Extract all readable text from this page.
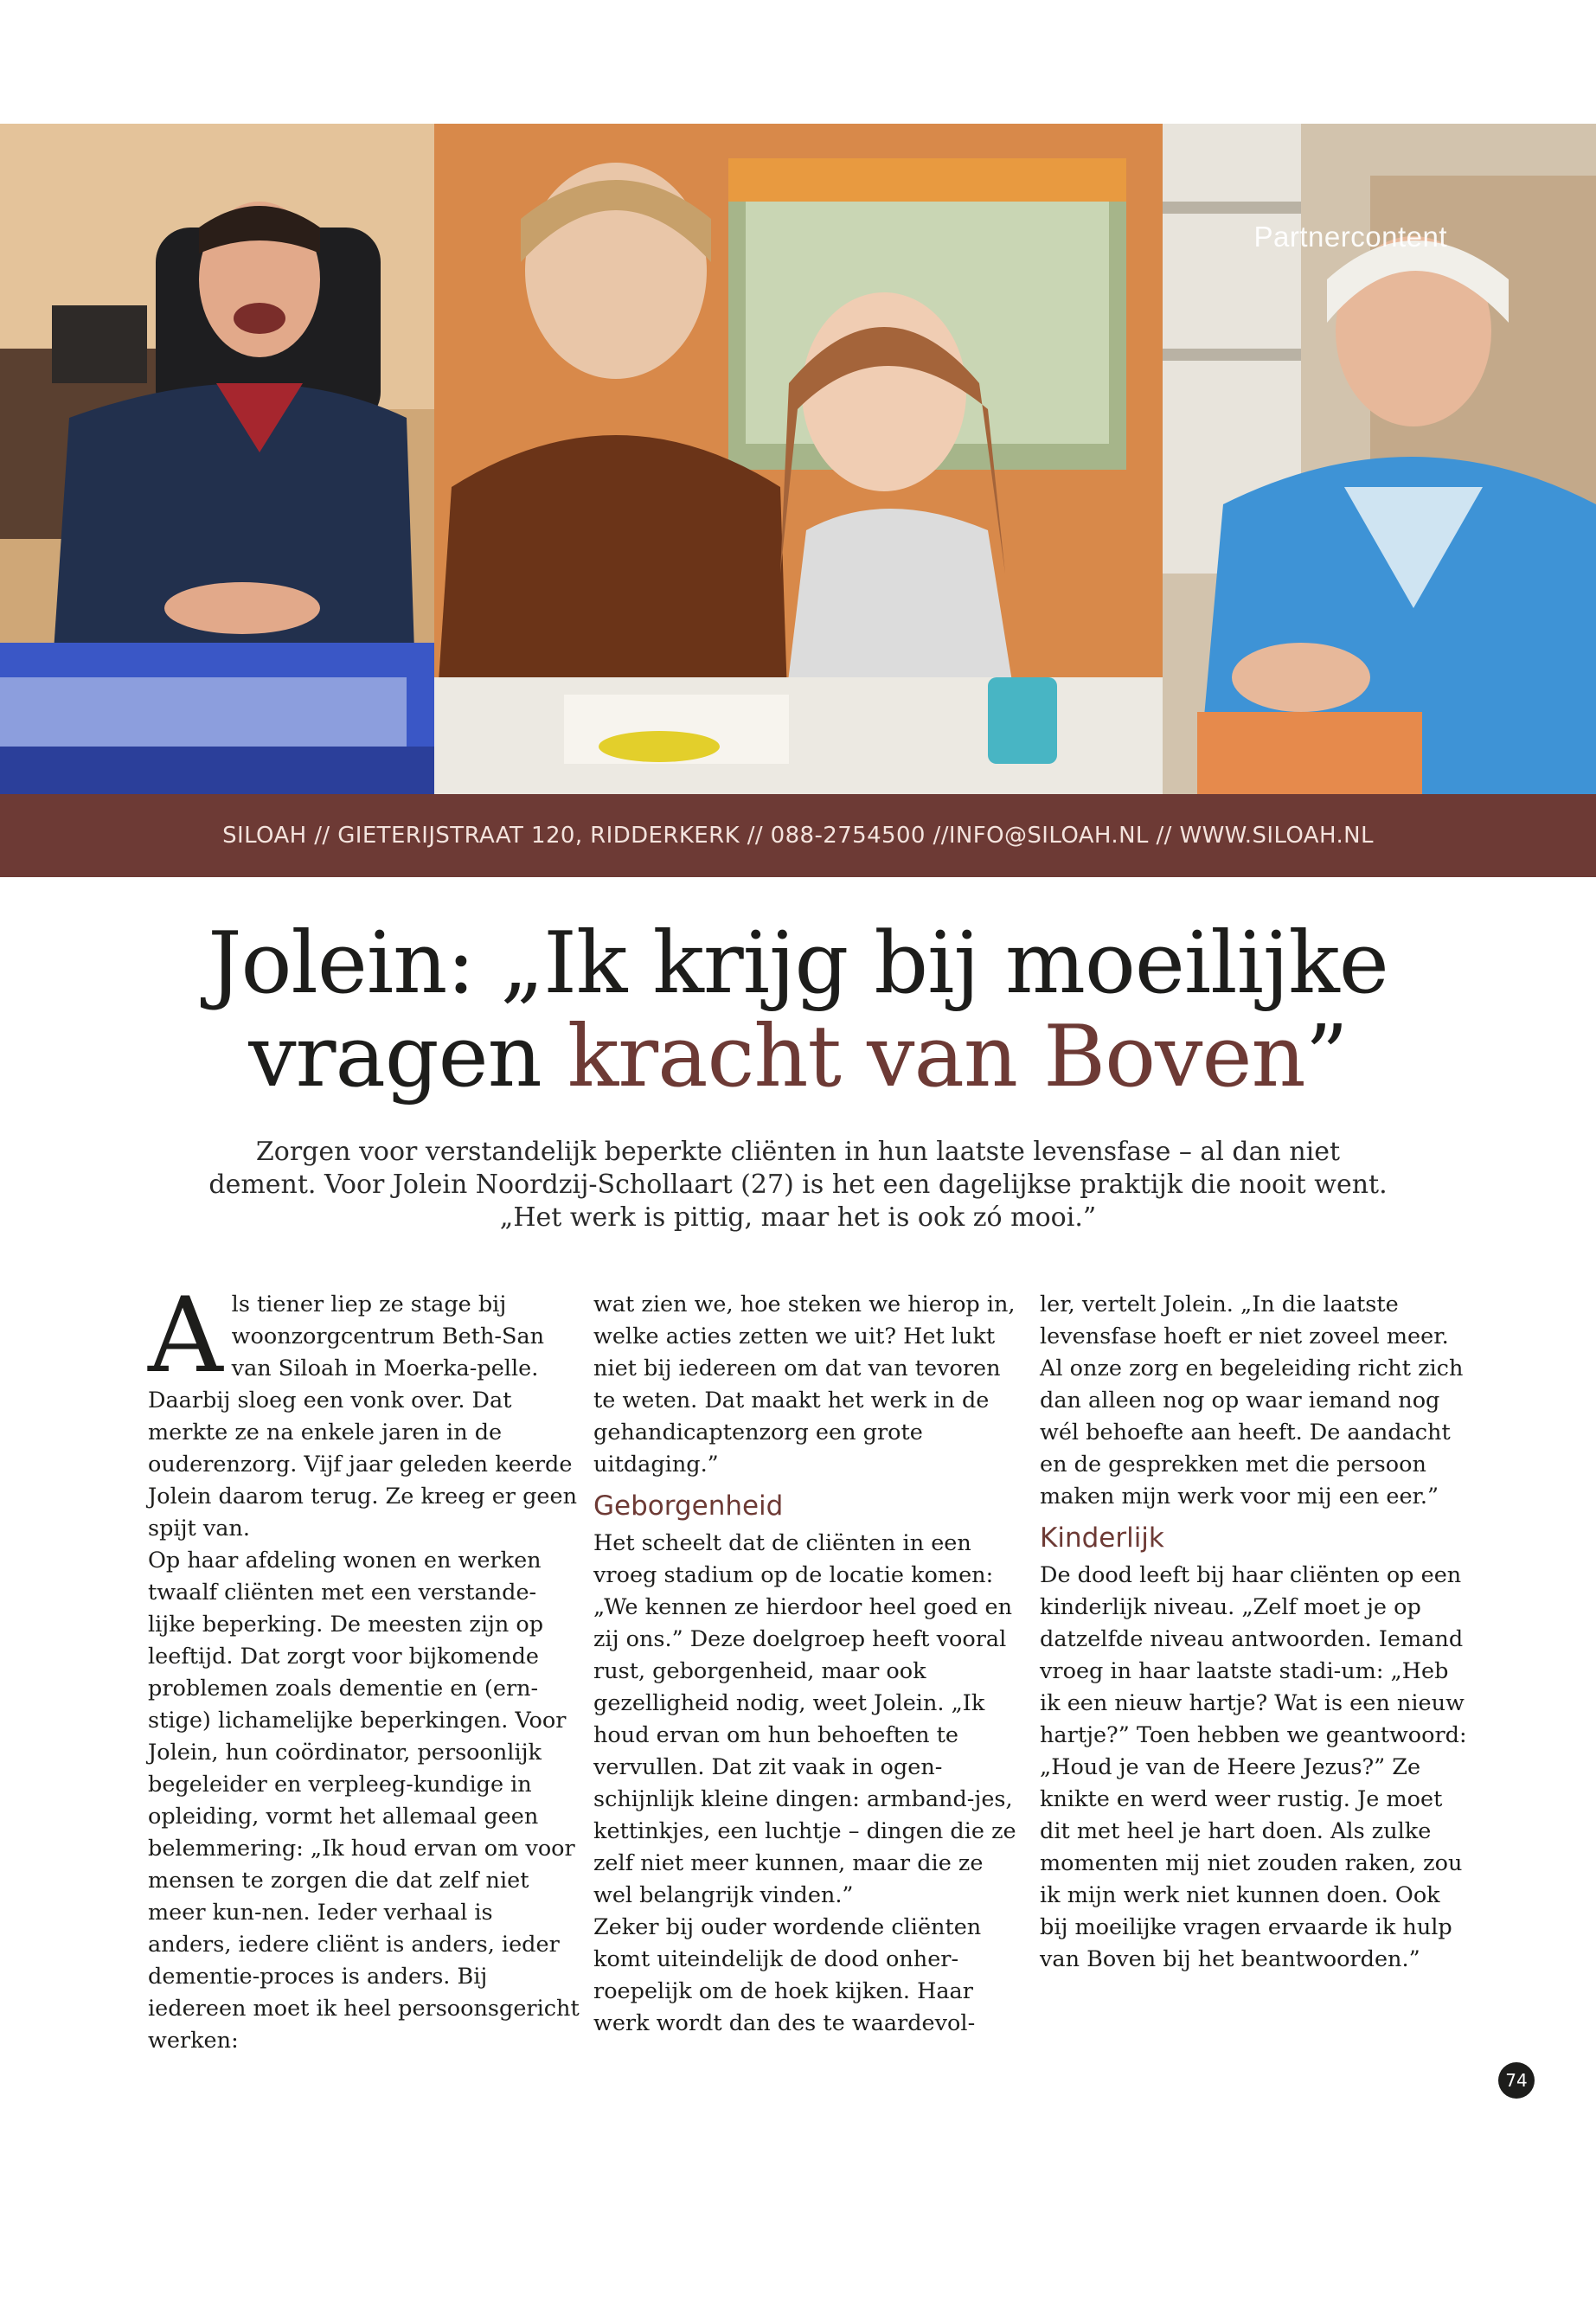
Partnercontent
SILOAH // GIETERIJSTRAAT 120, RIDDERKERK // 088-2754500 //INFO@SILOAH.NL // WWW.SILOAH.NL
Jolein: „Ik krijg bij moeilijke
vragen kracht van Boven”
Zorgen voor verstandelijk beperkte cliënten in hun laatste levensfase – al dan niet dement. Voor Jolein Noordzij-Schollaart (27) is het een dagelijkse praktijk die nooit went. „Het werk is pittig, maar het is ook zó mooi.”

Als tiener liep ze stage bij woonzorgcentrum Beth-San van Siloah in Moerka-pelle. Daarbij sloeg een vonk over. Dat merkte ze na enkele jaren in de ouderenzorg. Vijf jaar geleden keerde Jolein daarom terug. Ze kreeg er geen spijt van.

Op haar afdeling wonen en werken twaalf cliënten met een verstande-lijke beperking. De meesten zijn op leeftijd. Dat zorgt voor bijkomende problemen zoals dementie en (ern-stige) lichamelijke beperkingen. Voor Jolein, hun coördinator, persoonlijk begeleider en verpleeg-kundige in opleiding, vormt het allemaal geen belemmering: „Ik houd ervan om voor mensen te zorgen die dat zelf niet meer kun-nen. Ieder verhaal is anders, iedere cliënt is anders, ieder dementie-proces is anders. Bij iedereen moet ik heel persoonsgericht werken:

wat zien we, hoe steken we hierop in, welke acties zetten we uit? Het lukt niet bij iedereen om dat van tevoren te weten. Dat maakt het werk in de gehandicaptenzorg een grote uitdaging.”

Geborgenheid

Het scheelt dat de cliënten in een vroeg stadium op de locatie komen: „We kennen ze hierdoor heel goed en zij ons.” Deze doelgroep heeft vooral rust, geborgenheid, maar ook gezelligheid nodig, weet Jolein. „Ik houd ervan om hun behoeften te vervullen. Dat zit vaak in ogen-schijnlijk kleine dingen: armband-jes, kettinkjes, een luchtje – dingen die ze zelf niet meer kunnen, maar die ze wel belangrijk vinden.”

Zeker bij ouder wordende cliënten komt uiteindelijk de dood onher-roepelijk om de hoek kijken. Haar werk wordt dan des te waardevol-

ler, vertelt Jolein. „In die laatste levensfase hoeft er niet zoveel meer. Al onze zorg en begeleiding richt zich dan alleen nog op waar iemand nog wél behoefte aan heeft. De aandacht en de gesprekken met die persoon maken mijn werk voor mij een eer.”

Kinderlijk

De dood leeft bij haar cliënten op een kinderlijk niveau. „Zelf moet je op datzelfde niveau antwoorden. Iemand vroeg in haar laatste stadi-um: „Heb ik een nieuw hartje? Wat is een nieuw hartje?” Toen hebben we geantwoord: „Houd je van de Heere Jezus?” Ze knikte en werd weer rustig. Je moet dit met heel je hart doen. Als zulke momenten mij niet zouden raken, zou ik mijn werk niet kunnen doen. Ook bij moeilijke vragen ervaarde ik hulp van Boven bij het beantwoorden.”

74
